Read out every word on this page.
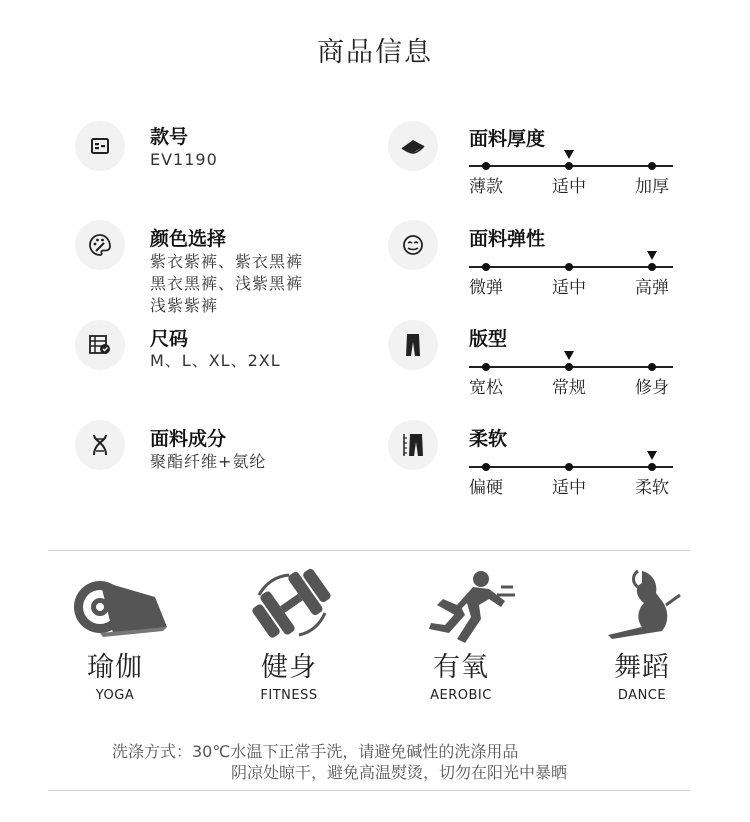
商品信息
款号
EV1190
颜色选择
紫衣紫裤、紫衣黑裤
黑衣黑裤、浅紫黑裤
浅紫紫裤
尺码
M、L、XL、2XL
面料成分
聚酯纤维+氨纶
面料厚度
薄款	适中	加厚
面料弹性
微弹	适中	高弹
版型
宽松	常规	修身
柔软
偏硬	适中	柔软
瑜伽
YOGA
健身
FITNESS
有氧
AEROBIC
舞蹈
DANCE
洗涤方式：30℃水温下正常手洗，请避免碱性的洗涤用品
阴凉处晾干，避免高温熨烫，切勿在阳光中暴晒
